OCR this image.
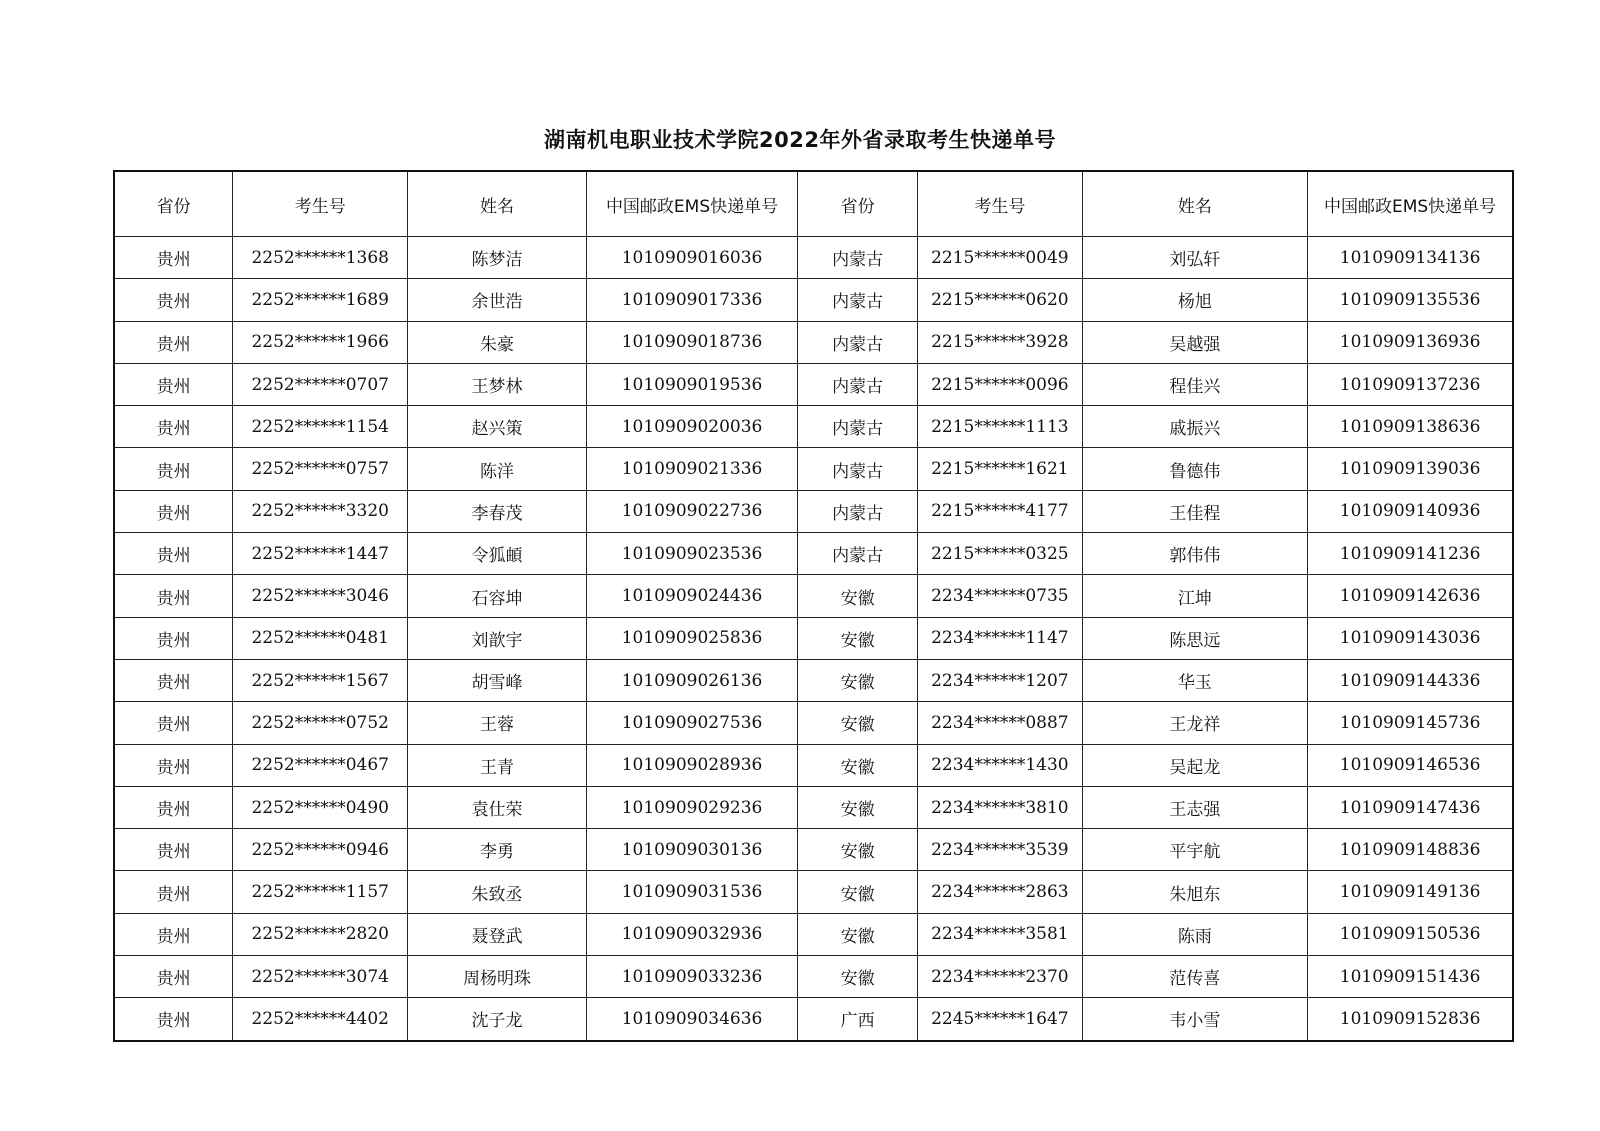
湖南机电职业技术学院2022年外省录取考生快递单号
省份	考生号	姓名	中国邮政EMS快递单号	省份	考生号	姓名	中国邮政EMS快递单号
贵州	2252******1368	陈梦洁	1010909016036	内蒙古	2215******0049	刘弘轩	1010909134136
贵州	2252******1689	余世浩	1010909017336	内蒙古	2215******0620	杨旭	1010909135536
贵州	2252******1966	朱豪	1010909018736	内蒙古	2215******3928	吴越强	1010909136936
贵州	2252******0707	王梦林	1010909019536	内蒙古	2215******0096	程佳兴	1010909137236
贵州	2252******1154	赵兴策	1010909020036	内蒙古	2215******1113	戚振兴	1010909138636
贵州	2252******0757	陈洋	1010909021336	内蒙古	2215******1621	鲁德伟	1010909139036
贵州	2252******3320	李春茂	1010909022736	内蒙古	2215******4177	王佳程	1010909140936
贵州	2252******1447	令狐頔	1010909023536	内蒙古	2215******0325	郭伟伟	1010909141236
贵州	2252******3046	石容坤	1010909024436	安徽	2234******0735	江坤	1010909142636
贵州	2252******0481	刘歆宇	1010909025836	安徽	2234******1147	陈思远	1010909143036
贵州	2252******1567	胡雪峰	1010909026136	安徽	2234******1207	华玉	1010909144336
贵州	2252******0752	王蓉	1010909027536	安徽	2234******0887	王龙祥	1010909145736
贵州	2252******0467	王青	1010909028936	安徽	2234******1430	吴起龙	1010909146536
贵州	2252******0490	袁仕荣	1010909029236	安徽	2234******3810	王志强	1010909147436
贵州	2252******0946	李勇	1010909030136	安徽	2234******3539	平宇航	1010909148836
贵州	2252******1157	朱致丞	1010909031536	安徽	2234******2863	朱旭东	1010909149136
贵州	2252******2820	聂登武	1010909032936	安徽	2234******3581	陈雨	1010909150536
贵州	2252******3074	周杨明珠	1010909033236	安徽	2234******2370	范传喜	1010909151436
贵州	2252******4402	沈子龙	1010909034636	广西	2245******1647	韦小雪	1010909152836
